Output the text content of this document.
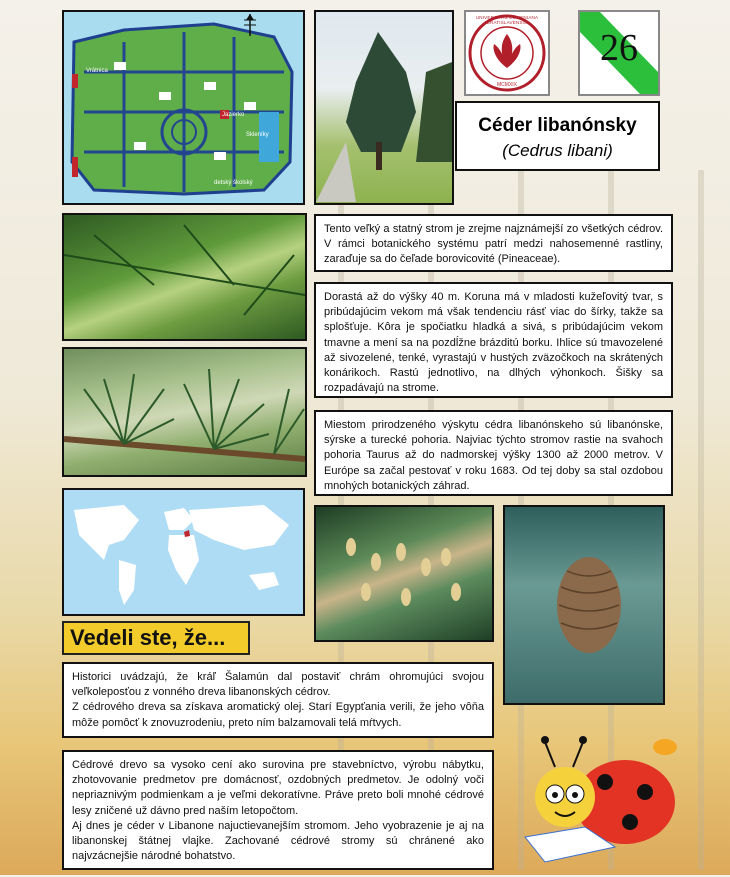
Vrátnica
Skleníky
Jazierko
detský školský
UNIVERSITAS COMENIANA BRATISLAVENSIS
MCMXIX
26
Céder libanónsky
(Cedrus libani)

Tento veľký a statný strom je zrejme najznámejší zo všetkých cédrov. V rámci botanického systému patrí medzi nahosemenné rastliny, zaraďuje sa do čeľade borovicovité (Pineaceae).

Dorastá až do výšky 40 m. Koruna má v mladosti kužeľovitý tvar, s pribúdajúcim vekom má však tendenciu rásť viac do šírky, takže sa splošťuje. Kôra je spočiatku hladká a sivá, s pribúdajúcim vekom tmavne a mení sa na pozdĺžne brázditú borku. Ihlice sú tmavozelené až sivozelené, tenké, vyrastajú v hustých zväzočkoch na skrátených konárikoch. Rastú jednotlivo, na dlhých výhonkoch. Šišky sa rozpadávajú na strome.

Miestom prirodzeného výskytu cédra libanónskeho sú libanónske, sýrske a turecké pohoria. Najviac týchto stromov rastie na svahoch pohoria Taurus až do nadmorskej výšky 1300 až 2000 metrov. V Európe sa začal pestovať v roku 1683. Od tej doby sa stal ozdobou mnohých botanických záhrad.

Vedeli ste, že...

Historici uvádzajú, že kráľ Šalamún dal postaviť chrám ohromujúci svojou veľkoleposťou z vonného dreva libanonských cédrov.

Z cédrového dreva sa získava aromatický olej. Starí Egypťania verili, že jeho vôňa môže pomôcť k znovuzrodeniu, preto ním balzamovali telá mŕtvych.

Cédrové drevo sa vysoko cení ako surovina pre stavebníctvo, výrobu nábytku, zhotovovanie predmetov pre domácnosť, ozdobných predmetov. Je odolný voči nepriaznivým podmienkam a je veľmi dekoratívne. Práve preto boli mnohé cédrové lesy zničené už dávno pred naším letopočtom.

Aj dnes je céder v Libanone najuctievanejším stromom. Jeho vyobrazenie je aj na libanonskej štátnej vlajke. Zachované cédrové stromy sú chránené ako najvzácnejšie národné bohatstvo.
